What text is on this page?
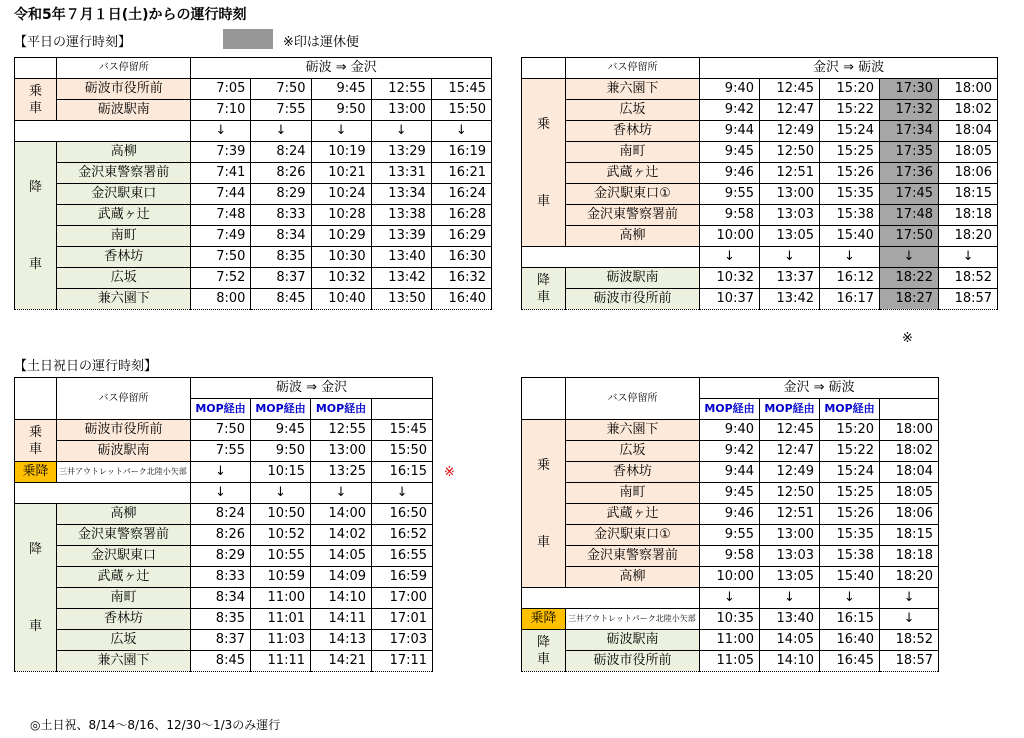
令和5年７月１日(土)からの運行時刻
【平日の運行時刻】	※印は運休便
【土日祝日の運行時刻】
※
※
◎土日祝、8/14～8/16、12/30～1/3のみ運行
	バス停留所	砺波 ⇒ 金沢				

乗
車	砺波市役所前	7:05	7:50	9:45	12:55	15:45
	砺波駅南	7:10	7:55	9:50	13:00	15:50
		↓	↓	↓	↓	↓

降
車	高柳	7:39	8:24	10:19	13:29	16:19
	金沢東警察署前	7:41	8:26	10:21	13:31	16:21
	金沢駅東口	7:44	8:29	10:24	13:34	16:24
	武蔵ヶ辻	7:48	8:33	10:28	13:38	16:28
	南町	7:49	8:34	10:29	13:39	16:29
	香林坊	7:50	8:35	10:30	13:40	16:30
	広坂	7:52	8:37	10:32	13:42	16:32
	兼六園下	8:00	8:45	10:40	13:50	16:40
	バス停留所	金沢 ⇒ 砺波				

乗
車	兼六園下	9:40	12:45	15:20	17:30	18:00
	広坂	9:42	12:47	15:22	17:32	18:02
	香林坊	9:44	12:49	15:24	17:34	18:04
	南町	9:45	12:50	15:25	17:35	18:05
	武蔵ヶ辻	9:46	12:51	15:26	17:36	18:06
	金沢駅東口①	9:55	13:00	15:35	17:45	18:15
	金沢東警察署前	9:58	13:03	15:38	17:48	18:18
	高柳	10:00	13:05	15:40	17:50	18:20
		↓	↓	↓	↓	↓

降
車	砺波駅南	10:32	13:37	16:12	18:22	18:52
	砺波市役所前	10:37	13:42	16:17	18:27	18:57
	バス停留所	砺波 ⇒ 金沢			
		MOP経由	MOP経由	MOP経由	

乗
車	砺波市役所前	7:50	9:45	12:55	15:45
	砺波駅南	7:55	9:50	13:00	15:50
乗降	三井アウトレットパーク北陸小矢部	↓	10:15	13:25	16:15
		↓	↓	↓	↓

降
車	高柳	8:24	10:50	14:00	16:50
	金沢東警察署前	8:26	10:52	14:02	16:52
	金沢駅東口	8:29	10:55	14:05	16:55
	武蔵ヶ辻	8:33	10:59	14:09	16:59
	南町	8:34	11:00	14:10	17:00
	香林坊	8:35	11:01	14:11	17:01
	広坂	8:37	11:03	14:13	17:03
	兼六園下	8:45	11:11	14:21	17:11
	バス停留所	金沢 ⇒ 砺波			
		MOP経由	MOP経由	MOP経由	

乗
車	兼六園下	9:40	12:45	15:20	18:00
	広坂	9:42	12:47	15:22	18:02
	香林坊	9:44	12:49	15:24	18:04
	南町	9:45	12:50	15:25	18:05
	武蔵ヶ辻	9:46	12:51	15:26	18:06
	金沢駅東口①	9:55	13:00	15:35	18:15
	金沢東警察署前	9:58	13:03	15:38	18:18
	高柳	10:00	13:05	15:40	18:20
		↓	↓	↓	↓
乗降	三井アウトレットパーク北陸小矢部	10:35	13:40	16:15	↓

降
車	砺波駅南	11:00	14:05	16:40	18:52
	砺波市役所前	11:05	14:10	16:45	18:57
